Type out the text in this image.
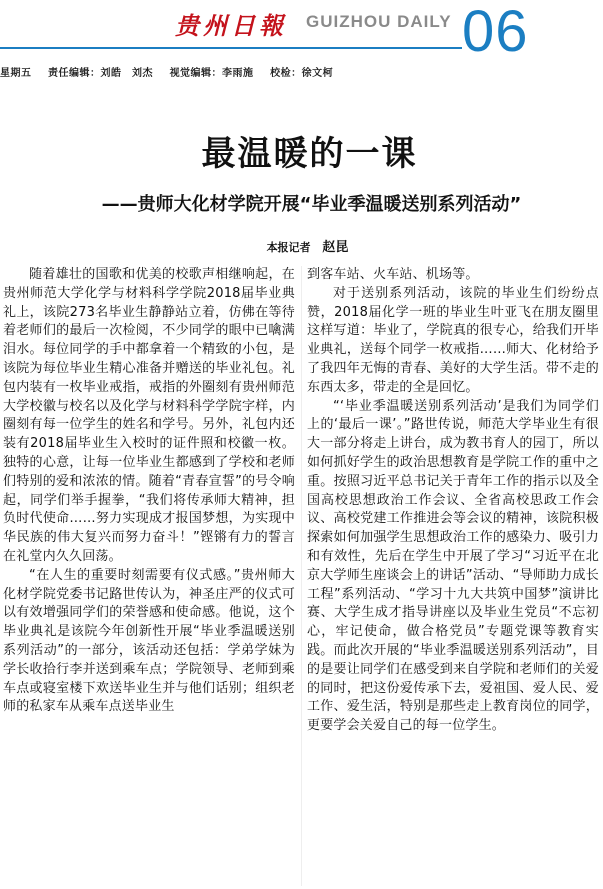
贵州日報 GUIZHOU DAILY 06
星期五 责任编辑：刘皓　刘杰 视觉编辑：李雨施 校检：徐文柯
最温暖的一课
——贵师大化材学院开展“毕业季温暖送别系列活动”
本报记者 赵昆

随着雄壮的国歌和优美的校歌声相继响起，在贵州师范大学化学与材料科学学院2018届毕业典礼上，该院273名毕业生静静站立着，仿佛在等待着老师们的最后一次检阅，不少同学的眼中已噙满泪水。每位同学的手中都拿着一个精致的小包，是该院为每位毕业生精心准备并赠送的毕业礼包。礼包内装有一枚毕业戒指，戒指的外圈刻有贵州师范大学校徽与校名以及化学与材料科学学院字样，内圈刻有每一位学生的姓名和学号。另外，礼包内还装有2018届毕业生入校时的证件照和校徽一枚。独特的心意，让每一位毕业生都感到了学校和老师们特别的爱和浓浓的情。随着“青春宣誓”的号令响起，同学们举手握拳，“我们将传承师大精神，担负时代使命……努力实现成才报国梦想，为实现中华民族的伟大复兴而努力奋斗！”铿锵有力的誓言在礼堂内久久回荡。

“在人生的重要时刻需要有仪式感。”贵州师大化材学院党委书记路世传认为，神圣庄严的仪式可以有效增强同学们的荣誉感和使命感。他说，这个毕业典礼是该院今年创新性开展“毕业季温暖送别系列活动”的一部分，该活动还包括：学弟学妹为学长收拾行李并送到乘车点；学院领导、老师到乘车点或寝室楼下欢送毕业生并与他们话别；组织老师的私家车从乘车点送毕业生

到客车站、火车站、机场等。

对于送别系列活动，该院的毕业生们纷纷点赞，2018届化学一班的毕业生叶亚飞在朋友圈里这样写道：毕业了，学院真的很专心，给我们开毕业典礼，送每个同学一枚戒指……师大、化材给予了我四年无悔的青春、美好的大学生活。带不走的东西太多，带走的全是回忆。

“‘毕业季温暖送别系列活动’是我们为同学们上的‘最后一课’。”路世传说，师范大学毕业生有很大一部分将走上讲台，成为教书育人的园丁，所以如何抓好学生的政治思想教育是学院工作的重中之重。按照习近平总书记关于青年工作的指示以及全国高校思想政治工作会议、全省高校思政工作会议、高校党建工作推进会等会议的精神，该院积极探索如何加强学生思想政治工作的感染力、吸引力和有效性，先后在学生中开展了学习“习近平在北京大学师生座谈会上的讲话”活动、“导师助力成长工程”系列活动、“学习十九大共筑中国梦”演讲比赛、大学生成才指导讲座以及毕业生党员“不忘初心，牢记使命，做合格党员”专题党课等教育实践。而此次开展的“毕业季温暖送别系列活动”，目的是要让同学们在感受到来自学院和老师们的关爱的同时，把这份爱传承下去，爱祖国、爱人民、爱工作、爱生活，特别是那些走上教育岗位的同学，更要学会关爱自己的每一位学生。
